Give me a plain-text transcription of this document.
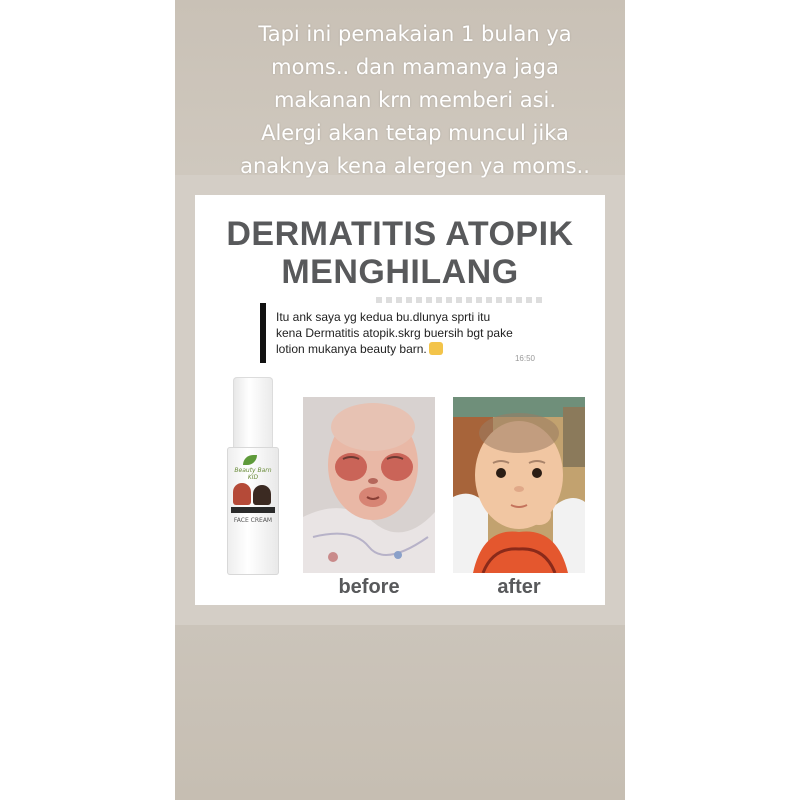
Tapi ini pemakaian 1 bulan ya
moms.. dan mamanya jaga
makanan krn memberi asi.
Alergi akan tetap muncul jika
anaknya kena alergen ya moms..
DERMATITIS ATOPIK
MENGHILANG
Itu ank saya yg kedua bu.dlunya sprti itu
kena Dermatitis atopik.skrg buersih bgt pake
lotion mukanya beauty barn.
16:50
Beauty Barn KID
FACE CREAM
before	after
